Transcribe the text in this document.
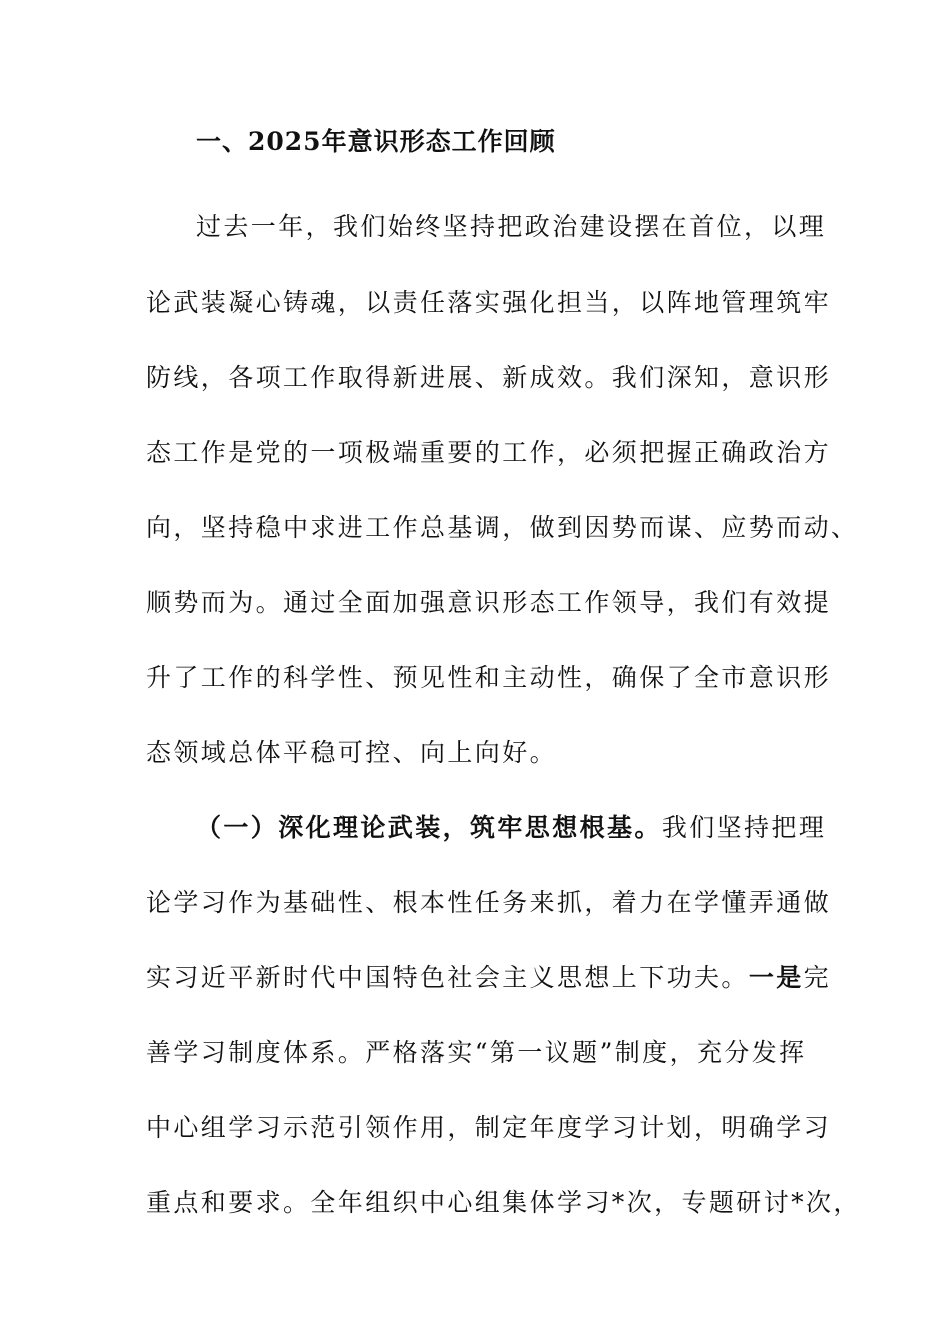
一、2025年意识形态工作回顾
过去一年，我们始终坚持把政治建设摆在首位，以理
论武装凝心铸魂，以责任落实强化担当，以阵地管理筑牢
防线，各项工作取得新进展、新成效。我们深知，意识形
态工作是党的一项极端重要的工作，必须把握正确政治方
向，坚持稳中求进工作总基调，做到因势而谋、应势而动、
顺势而为。通过全面加强意识形态工作领导，我们有效提
升了工作的科学性、预见性和主动性，确保了全市意识形
态领域总体平稳可控、向上向好。
（一）深化理论武装，筑牢思想根基。我们坚持把理
论学习作为基础性、根本性任务来抓，着力在学懂弄通做
实习近平新时代中国特色社会主义思想上下功夫。一是完
善学习制度体系。严格落实“第一议题”制度，充分发挥
中心组学习示范引领作用，制定年度学习计划，明确学习
重点和要求。全年组织中心组集体学习*次，专题研讨*次，
